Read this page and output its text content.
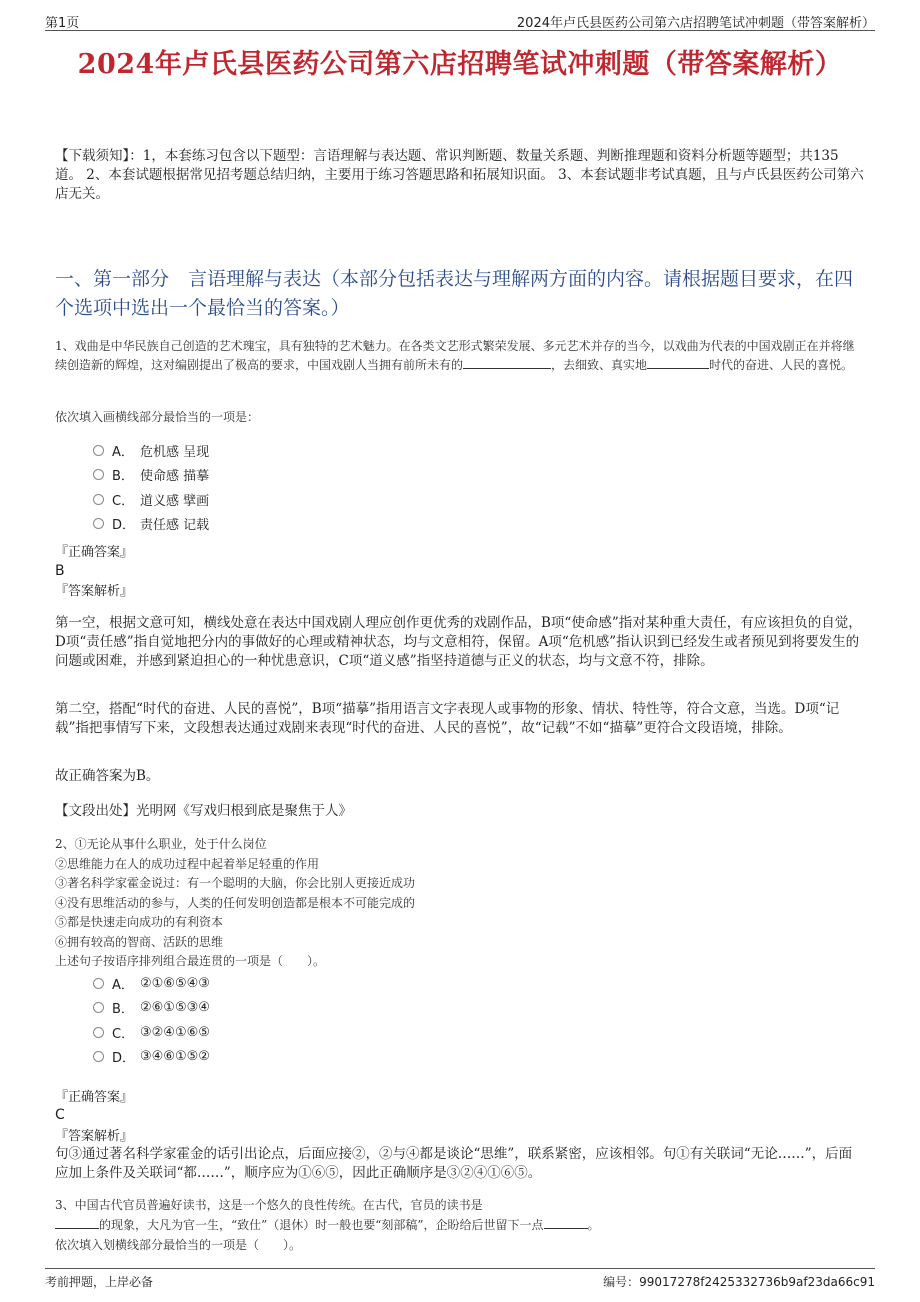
第1页	2024年卢氏县医药公司第六店招聘笔试冲刺题（带答案解析）
2024年卢氏县医药公司第六店招聘笔试冲刺题（带答案解析）
【下载须知】：1，本套练习包含以下题型：言语理解与表达题、常识判断题、数量关系题、判断推理题和资料分析题等题型；共135道。 2、本套试题根据常见招考题总结归纳，主要用于练习答题思路和拓展知识面。 3、本套试题非考试真题，且与卢氏县医药公司第六店无关。
一、第一部分　言语理解与表达（本部分包括表达与理解两方面的内容。请根据题目要求，在四个选项中选出一个最恰当的答案。）
1、戏曲是中华民族自己创造的艺术瑰宝，具有独特的艺术魅力。在各类文艺形式繁荣发展、多元艺术并存的当今，以戏曲为代表的中国戏剧正在并将继续创造新的辉煌，这对编剧提出了极高的要求，中国戏剧人当拥有前所未有的	，去细致、真实地	时代的奋进、人民的喜悦。
依次填入画横线部分最恰当的一项是：
A． 危机感 呈现
B． 使命感 描摹
C． 道义感 擘画
D． 责任感 记载
『正确答案』
B
『答案解析』
第一空，根据文意可知，横线处意在表达中国戏剧人理应创作更优秀的戏剧作品，B项“使命感”指对某种重大责任，有应该担负的自觉，D项“责任感”指自觉地把分内的事做好的心理或精神状态，均与文意相符，保留。A项“危机感”指认识到已经发生或者预见到将要发生的问题或困难，并感到紧迫担心的一种忧患意识，C项“道义感”指坚持道德与正义的状态，均与文意不符，排除。
第二空，搭配“时代的奋进、人民的喜悦”，B项“描摹”指用语言文字表现人或事物的形象、情状、特性等，符合文意，当选。D项“记载”指把事情写下来，文段想表达通过戏剧来表现“时代的奋进、人民的喜悦”，故“记载”不如“描摹”更符合文段语境，排除。
故正确答案为B。
【文段出处】光明网《写戏归根到底是聚焦于人》
2、①无论从事什么职业，处于什么岗位
②思维能力在人的成功过程中起着举足轻重的作用
③著名科学家霍金说过：有一个聪明的大脑，你会比别人更接近成功
④没有思维活动的参与，人类的任何发明创造都是根本不可能完成的
⑤都是快速走向成功的有利资本
⑥拥有较高的智商、活跃的思维
上述句子按语序排列组合最连贯的一项是（　　）。
A． ②①⑥⑤④③
B． ②⑥①⑤③④
C． ③②④①⑥⑤
D． ③④⑥①⑤②
『正确答案』
C
『答案解析』
句③通过著名科学家霍金的话引出论点，后面应接②，②与④都是谈论“思维”，联系紧密，应该相邻。句①有关联词“无论……”，后面应加上条件及关联词“都……”，顺序应为①⑥⑤，因此正确顺序是③②④①⑥⑤。
3、中国古代官员普遍好读书，这是一个悠久的良性传统。在古代，官员的读书是
的现象，大凡为官一生，“致仕”（退休）时一般也要“刻部稿”，企盼给后世留下一点	。
依次填入划横线部分最恰当的一项是（　　）。
考前押题，上岸必备	编号：99017278f2425332736b9af23da66c91
